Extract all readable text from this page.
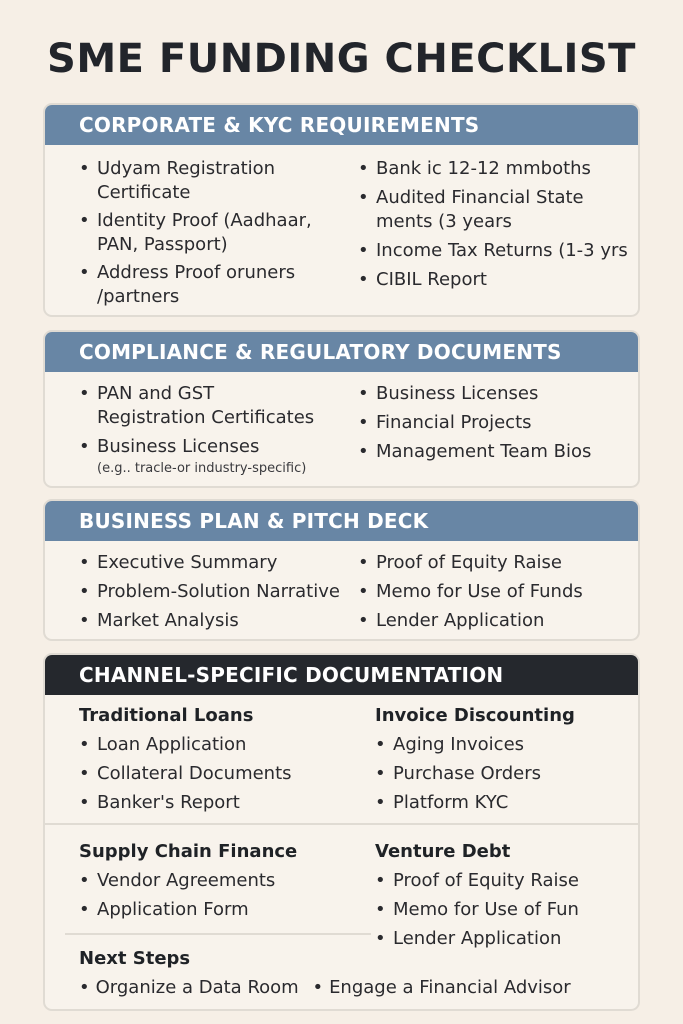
SME FUNDING CHECKLIST
CORPORATE & KYC REQUIREMENTS
• Udyam Registration
Certificate
• Identity Proof (Aadhaar,
PAN, Passport)
• Address Proof oruners
/partners
• Bank ic 12-12 mmboths
• Audited Financial State
ments (3 years
• Income Tax Returns (1-3 yrs
• CIBIL Report
COMPLIANCE & REGULATORY DOCUMENTS
• PAN and GST
Registration Certificates
• Business Licenses
(e.g.. tracle-or industry-specific)
• Business Licenses
• Financial Projects
• Management Team Bios
BUSINESS PLAN & PITCH DECK
• Executive Summary
• Problem-Solution Narrative
• Market Analysis
• Proof of Equity Raise
• Memo for Use of Funds
• Lender Application
CHANNEL-SPECIFIC DOCUMENTATION
Traditional Loans
• Loan Application
• Collateral Documents
• Banker's Report
Invoice Discounting
• Aging Invoices
• Purchase Orders
• Platform KYC
Supply Chain Finance
• Vendor Agreements
• Application Form
Venture Debt
• Proof of Equity Raise
• Memo for Use of Fun
• Lender Application
Next Steps
• Organize a Data Room • Engage a Financial Advisor
